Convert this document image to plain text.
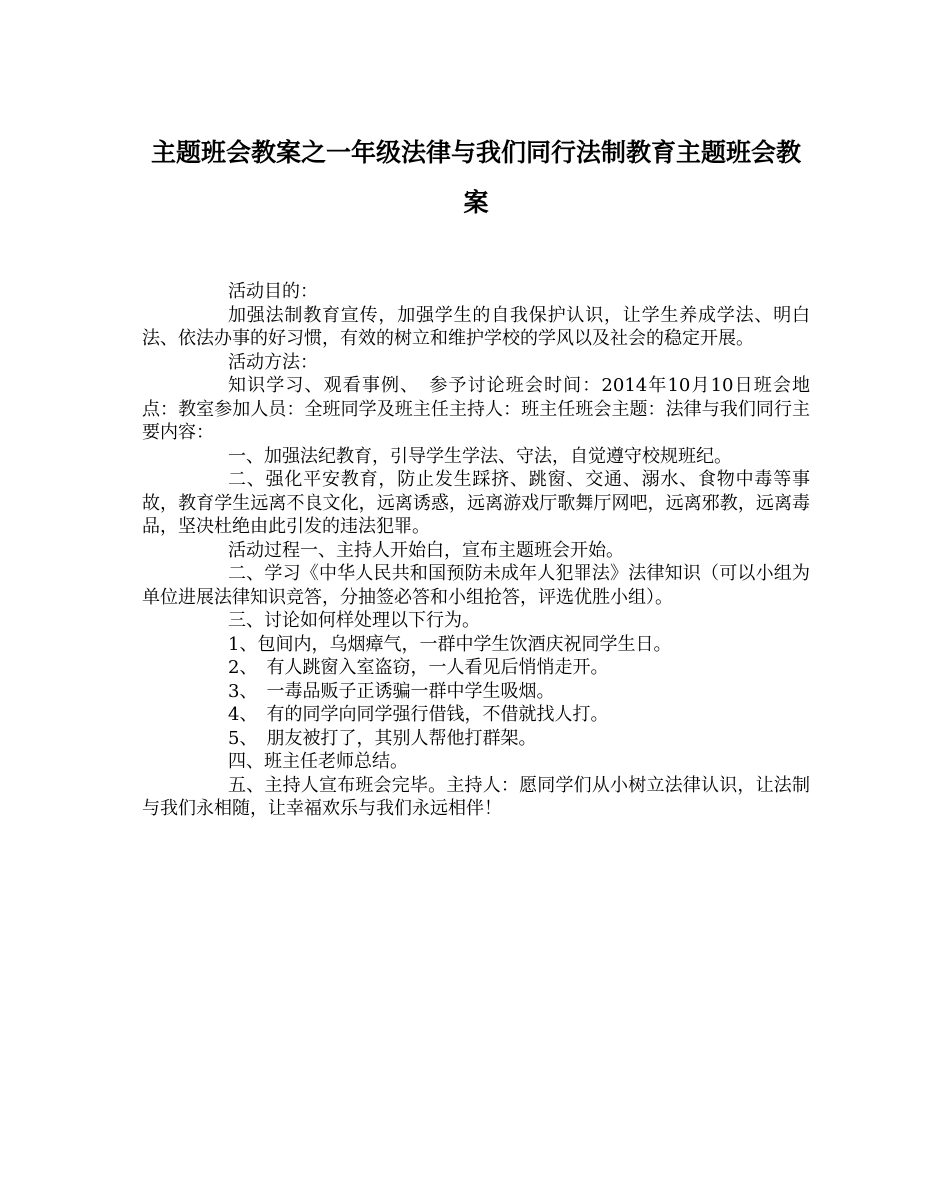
主题班会教案之一年级法律与我们同行法制教育主题班会教案

活动目的：

加强法制教育宣传，加强学生的自我保护认识，让学生养成学法、明白法、依法办事的好习惯，有效的树立和维护学校的学风以及社会的稳定开展。

活动方法：

知识学习、观看事例、　参予讨论班会时间：2014年10月10日班会地点：教室参加人员：全班同学及班主任主持人：班主任班会主题：法律与我们同行主要内容：

一、加强法纪教育，引导学生学法、守法，自觉遵守校规班纪。

二、强化平安教育，防止发生踩挤、跳窗、交通、溺水、食物中毒等事故，教育学生远离不良文化，远离诱惑，远离游戏厅歌舞厅网吧，远离邪教，远离毒品，坚决杜绝由此引发的违法犯罪。

活动过程一、主持人开始白，宣布主题班会开始。

二、学习《中华人民共和国预防未成年人犯罪法》法律知识（可以小组为单位进展法律知识竞答，分抽签必答和小组抢答，评选优胜小组）。

三、讨论如何样处理以下行为。

1、包间内，乌烟瘴气，一群中学生饮酒庆祝同学生日。

2、　有人跳窗入室盗窃，一人看见后悄悄走开。

3、　一毒品贩子正诱骗一群中学生吸烟。

4、　有的同学向同学强行借钱，不借就找人打。

5、　朋友被打了，其别人帮他打群架。

四、班主任老师总结。

五、主持人宣布班会完毕。主持人：愿同学们从小树立法律认识，让法制与我们永相随，让幸福欢乐与我们永远相伴！
